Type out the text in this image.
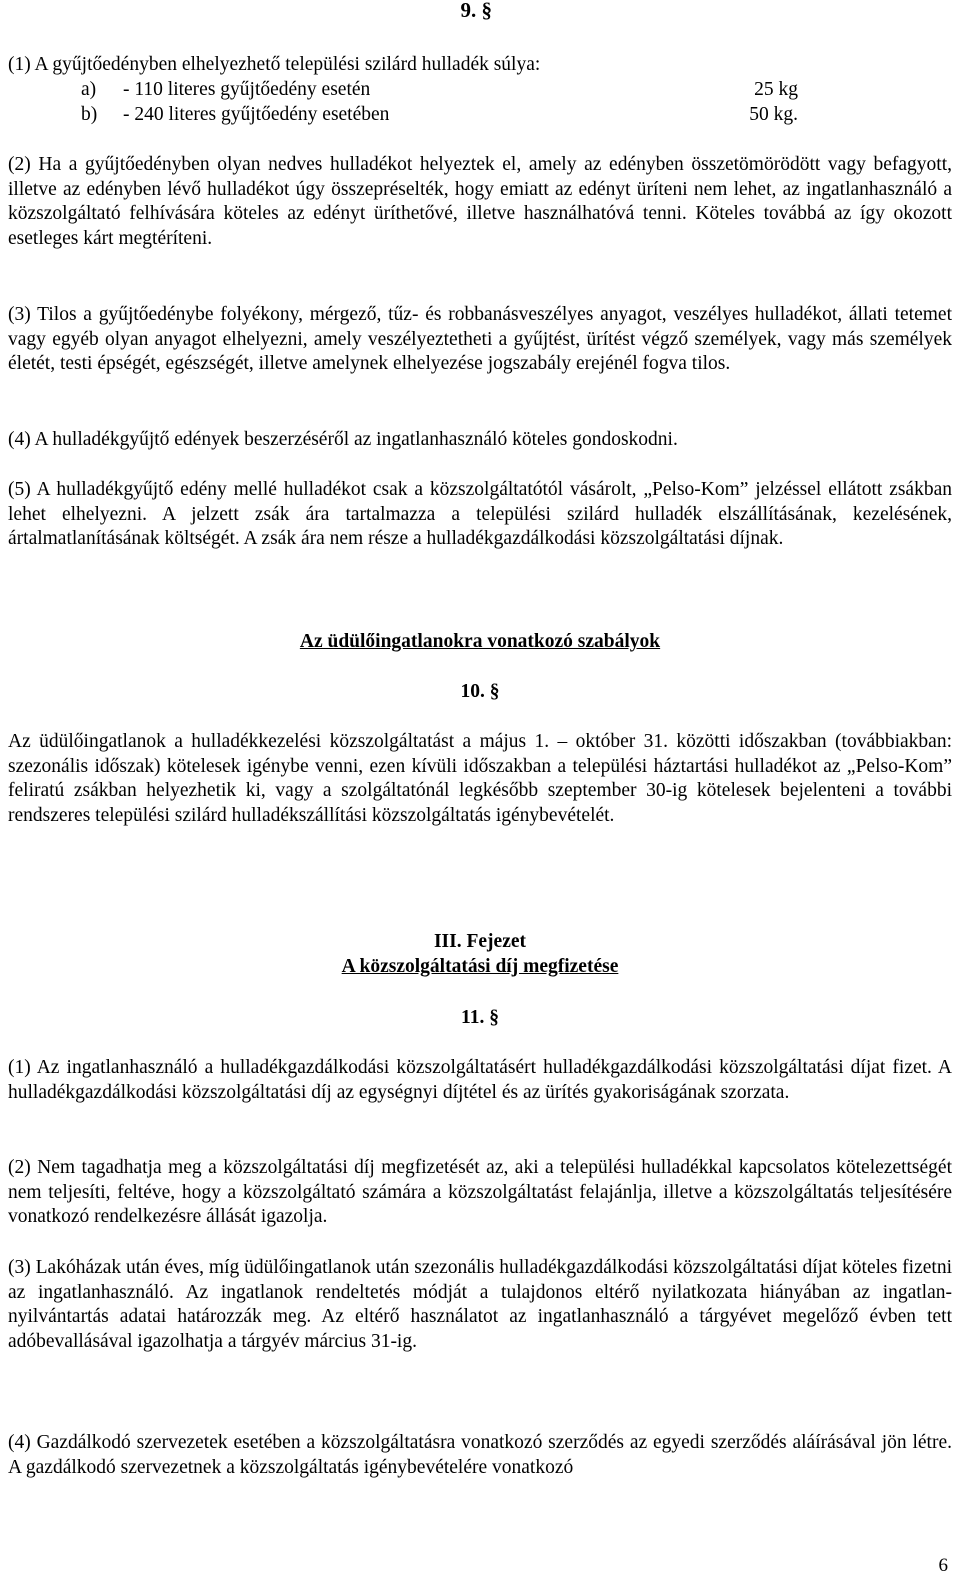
9. §

(1) A gyűjtőedényben elhelyezhető települési szilárd hulladék súlya:

a) - 110 literes gyűjtőedény esetén	25 kg
b) - 240 literes gyűjtőedény esetében	50 kg.

(2) Ha a gyűjtőedényben olyan nedves hulladékot helyeztek el, amely az edényben összetömörödött vagy befagyott, illetve az edényben lévő hulladékot úgy összepréselték, hogy emiatt az edényt üríteni nem lehet, az ingatlanhasználó a közszolgáltató felhívására köteles az edényt üríthetővé, illetve használhatóvá tenni. Köteles továbbá az így okozott esetleges kárt megtéríteni.

(3) Tilos a gyűjtőedénybe folyékony, mérgező, tűz- és robbanásveszélyes anyagot, veszélyes hulladékot, állati tetemet vagy egyéb olyan anyagot elhelyezni, amely veszélyeztetheti a gyűjtést, ürítést végző személyek, vagy más személyek életét, testi épségét, egészségét, illetve amelynek elhelyezése jogszabály erejénél fogva tilos.

(4) A hulladékgyűjtő edények beszerzéséről az ingatlanhasználó köteles gondoskodni.

(5) A hulladékgyűjtő edény mellé hulladékot csak a közszolgáltatótól vásárolt, „Pelso-Kom” jelzéssel ellátott zsákban lehet elhelyezni. A jelzett zsák ára tartalmazza a települési szilárd hulladék elszállításának, kezelésének, ártalmatlanításának költségét. A zsák ára nem része a hulladékgazdálkodási közszolgáltatási díjnak.

Az üdülőingatlanokra vonatkozó szabályok
10. §

Az üdülőingatlanok a hulladékkezelési közszolgáltatást a május 1. – október 31. közötti időszakban (továbbiakban: szezonális időszak) kötelesek igénybe venni, ezen kívüli időszakban a települési háztartási hulladékot az „Pelso-Kom” feliratú zsákban helyezhetik ki, vagy a szolgáltatónál legkésőbb szeptember 30-ig kötelesek bejelenteni a további rendszeres települési szilárd hulladékszállítási közszolgáltatás igénybevételét.

III. Fejezet
A közszolgáltatási díj megfizetése
11. §

(1) Az ingatlanhasználó a hulladékgazdálkodási közszolgáltatásért hulladékgazdálkodási közszolgáltatási díjat fizet. A hulladékgazdálkodási közszolgáltatási díj az egységnyi díjtétel és az ürítés gyakoriságának szorzata.

(2) Nem tagadhatja meg a közszolgáltatási díj megfizetését az, aki a települési hulladékkal kapcsolatos kötelezettségét nem teljesíti, feltéve, hogy a közszolgáltató számára a közszolgáltatást felajánlja, illetve a közszolgáltatás teljesítésére vonatkozó rendelkezésre állását igazolja.

(3) Lakóházak után éves, míg üdülőingatlanok után szezonális hulladékgazdálkodási közszolgáltatási díjat köteles fizetni az ingatlanhasználó. Az ingatlanok rendeltetés módját a tulajdonos eltérő nyilatkozata hiányában az ingatlan-nyilvántartás adatai határozzák meg. Az eltérő használatot az ingatlanhasználó a tárgyévet megelőző évben tett adóbevallásával igazolhatja a tárgyév március 31-ig.

(4) Gazdálkodó szervezetek esetében a közszolgáltatásra vonatkozó szerződés az egyedi szerződés aláírásával jön létre. A gazdálkodó szervezetnek a közszolgáltatás igénybevételére vonatkozó

6
